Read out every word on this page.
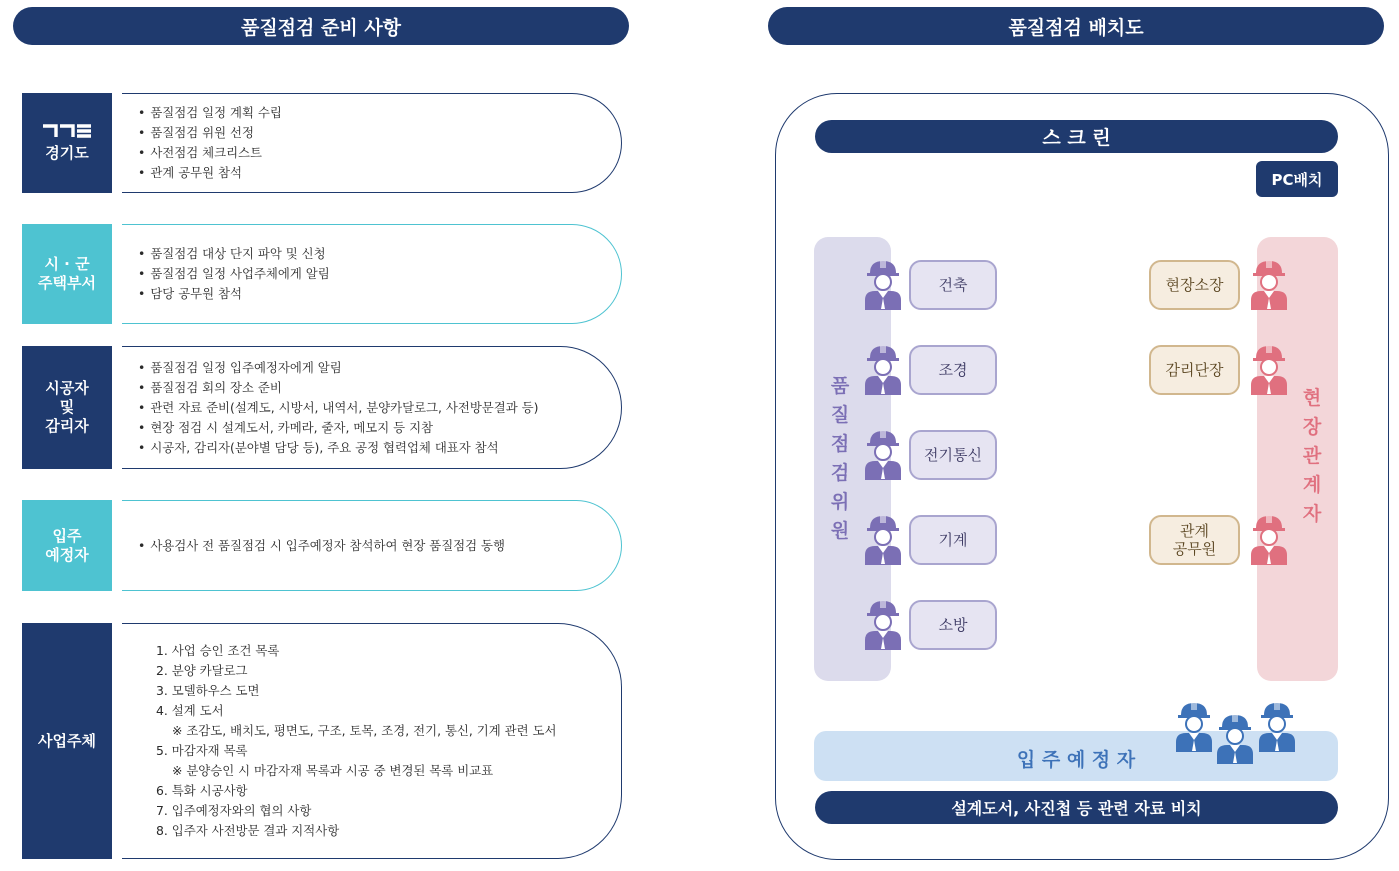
품질점검 준비 사항	품질점검 배치도
경기도
• 품질점검 일정 계획 수립
• 품질점검 위원 선정
• 사전점검 체크리스트
• 관계 공무원 참석
시 · 군
주택부서
• 품질점검 대상 단지 파악 및 신청
• 품질점검 일정 사업주체에게 알림
• 담당 공무원 참석
시공자
및
감리자
• 품질점검 일정 입주예정자에게 알림
• 품질점검 회의 장소 준비
• 관련 자료 준비(설계도, 시방서, 내역서, 분양카달로그, 사전방문결과 등)
• 현장 점검 시 설계도서, 카메라, 줄자, 메모지 등 지참
• 시공자, 감리자(분야별 담당 등), 주요 공정 협력업체 대표자 참석
입주
예정자
• 사용검사 전 품질점검 시 입주예정자 참석하여 현장 품질점검 동행
사업주체
1. 사업 승인 조건 목록
2. 분양 카달로그
3. 모델하우스 도면
4. 설계 도서
※ 조감도, 배치도, 평면도, 구조, 토목, 조경, 전기, 통신, 기계 관련 도서
5. 마감자재 목록
※ 분양승인 시 마감자재 목록과 시공 중 변경된 목록 비교표
6. 특화 시공사항
7. 입주예정자와의 협의 사항
8. 입주자 사전방문 결과 지적사항
스 크 린
PC배치
품
질
점
검
위
원
현
장
관
계
자
건축
조경
전기통신
기계
소방
현장소장
감리단장
관계
공무원
입 주 예 정 자
설계도서, 사진첩 등 관련 자료 비치
